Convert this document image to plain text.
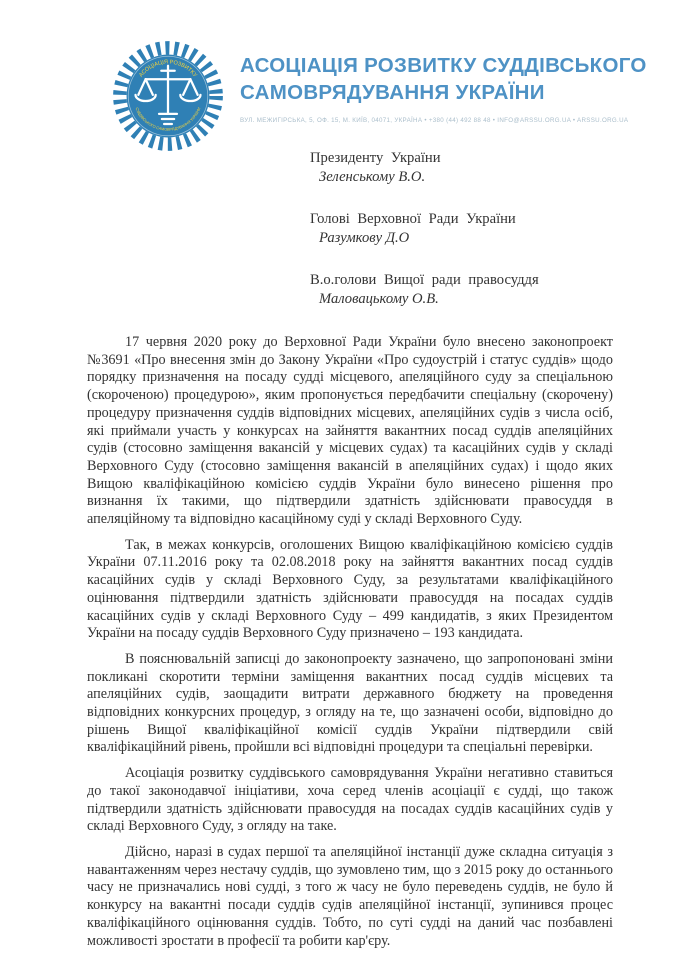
АСОЦІАЦІЯ РОЗВИТКУ
СУДДІВСЬКОГО САМОВРЯДУВАННЯ УКРАЇНИ
АСОЦІАЦІЯ РОЗВИТКУ СУДДІВСЬКОГО
САМОВРЯДУВАННЯ УКРАЇНИ
ВУЛ. МЕЖИГІРСЬКА, 5, ОФ. 15, М. КИЇВ, 04071, УКРАЇНА • +380 (44) 492 88 48 • INFO@ARSSU.ORG.UA • ARSSU.ORG.UA
Президенту України
Зеленському В.О.
Голові Верховної Ради України
Разумкову Д.О
В.о.голови Вищої ради правосуддя
Маловацькому О.В.

17 червня 2020 року до Верховної Ради України було внесено законопроект №3691 «Про внесення змін до Закону України «Про судоустрій і статус суддів» щодо порядку призначення на посаду судді місцевого, апеляційного суду за спеціальною (скороченою) процедурою», яким пропонується передбачити спеціальну (скорочену) процедуру призначення суддів відповідних місцевих, апеляційних судів з числа осіб, які приймали участь у конкурсах на зайняття вакантних посад суддів апеляційних судів (стосовно заміщення вакансій у місцевих судах) та касаційних судів у складі Верховного Суду (стосовно заміщення вакансій в апеляційних судах) і щодо яких Вищою кваліфікаційною комісією суддів України було винесено рішення про визнання їх такими, що підтвердили здатність здійснювати правосуддя в апеляційному та відповідно касаційному суді у складі Верховного Суду.

Так, в межах конкурсів, оголошених Вищою кваліфікаційною комісією суддів України 07.11.2016 року та 02.08.2018 року на зайняття вакантних посад суддів касаційних судів у складі Верховного Суду, за результатами кваліфікаційного оцінювання підтвердили здатність здійснювати правосуддя на посадах суддів касаційних судів у складі Верховного Суду – 499 кандидатів, з яких Президентом України на посаду суддів Верховного Суду призначено – 193 кандидата.

В пояснювальній записці до законопроекту зазначено, що запропоновані зміни покликані скоротити терміни заміщення вакантних посад суддів місцевих та апеляційних судів, заощадити витрати державного бюджету на проведення відповідних конкурсних процедур, з огляду на те, що зазначені особи, відповідно до рішень Вищої кваліфікаційної комісії суддів України підтвердили свій кваліфікаційний рівень, пройшли всі відповідні процедури та спеціальні перевірки.

Асоціація розвитку суддівського самоврядування України негативно ставиться до такої законодавчої ініціативи, хоча серед членів асоціації є судді, що також підтвердили здатність здійснювати правосуддя на посадах суддів касаційних судів у складі Верховного Суду, з огляду на таке.

Дійсно, наразі в судах першої та апеляційної інстанції дуже складна ситуація з навантаженням через нестачу суддів, що зумовлено тим, що з 2015 року до останнього часу не призначались нові судді, з того ж часу не було переведень суддів, не було й конкурсу на вакантні посади суддів судів апеляційної інстанції, зупинився процес кваліфікаційного оцінювання суддів. Тобто, по суті судді на даний час позбавлені можливості зростати в професії та робити кар'єру.
